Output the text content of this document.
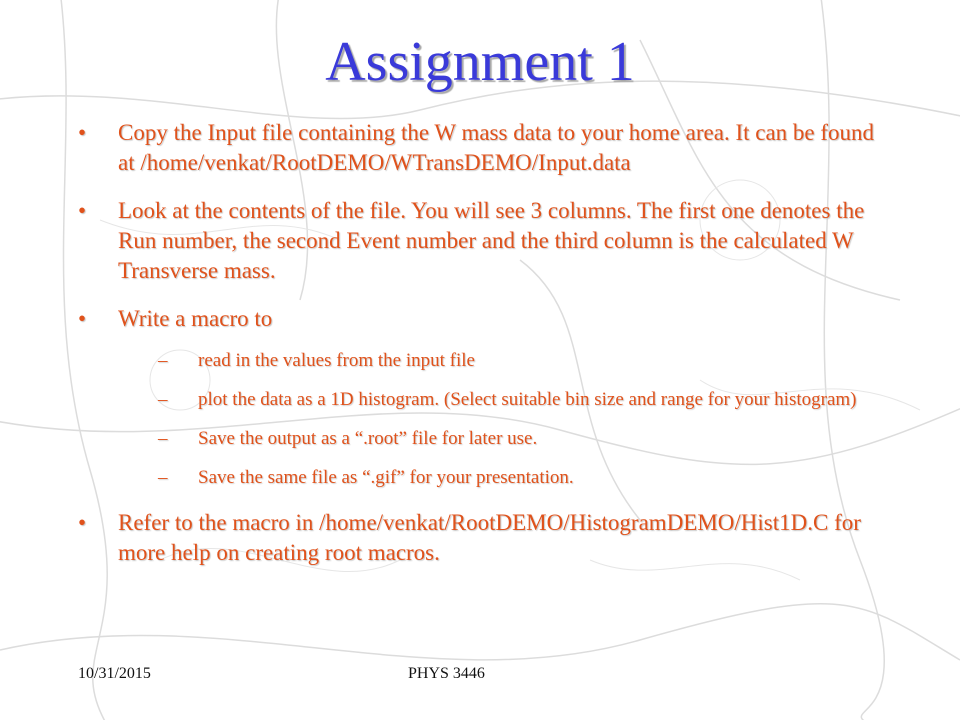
Assignment 1
• Copy the Input file containing the W mass data to your home area. It can be found at /home/venkat/RootDEMO/WTransDEMO/Input.data
• Look at the contents of the file. You will see 3 columns. The first one denotes the Run number, the second Event number and the third column is the calculated W Transverse mass.
• Write a macro to
– read in the values from the input file
– plot the data as a 1D histogram. (Select suitable bin size and range for your histogram)
– Save the output as a “.root” file for later use.
– Save the same file as “.gif” for your presentation.
• Refer to the macro in /home/venkat/RootDEMO/HistogramDEMO/Hist1D.C for more help on creating root macros.
10/31/2015	PHYS 3446
